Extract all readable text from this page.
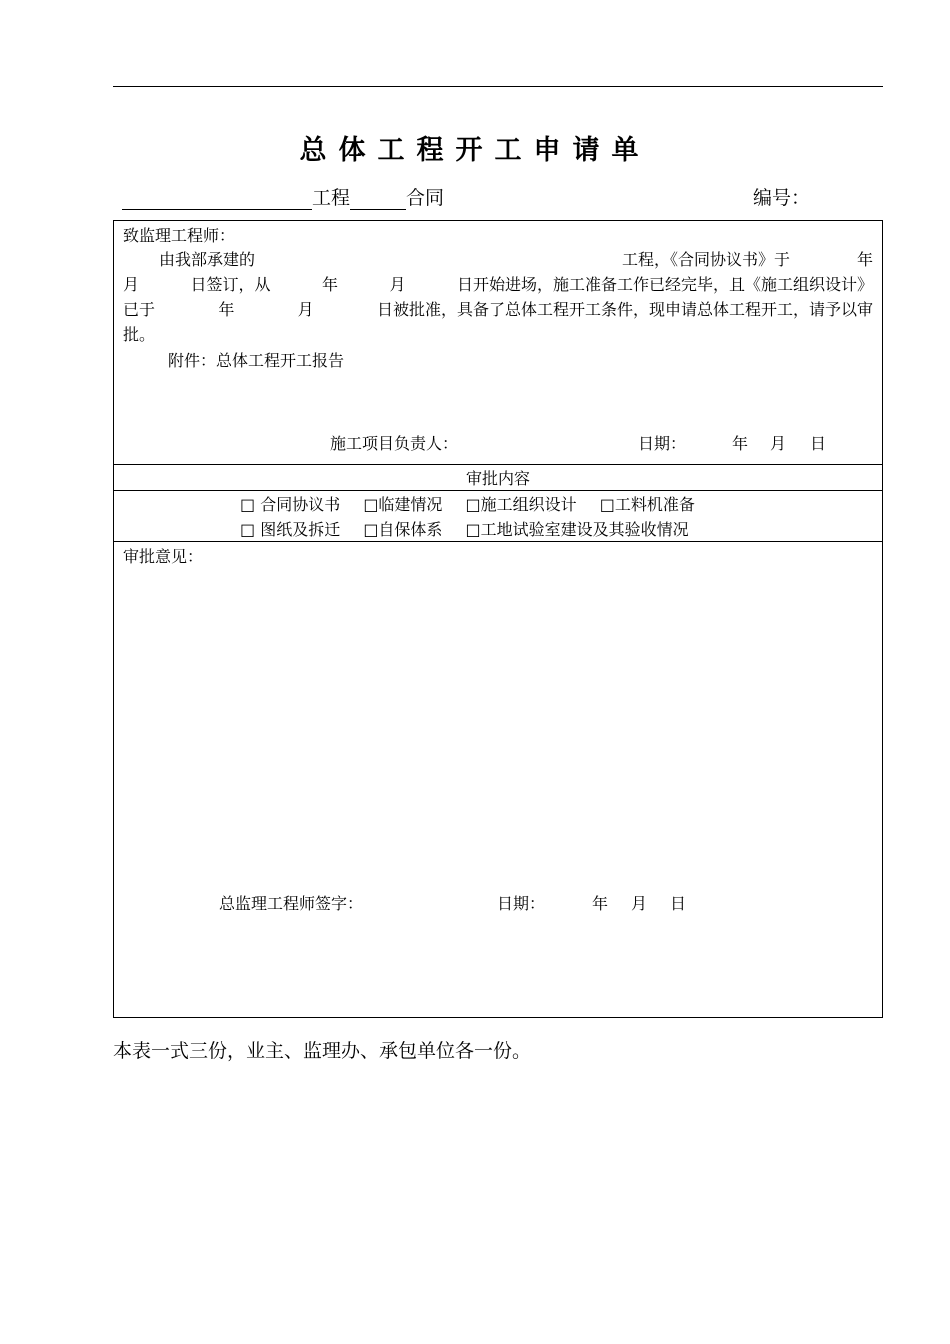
总体工程开工申请单
工程	合同	编号：
致监理工程师：
由我部承建的	工程，《合同协议书》于	年
月	日签订，从	年	月	日开始进场，施工准备工作已经完毕，且《施工组织设计》
已于	年	月	日被批准，具备了总体工程开工条件，现申请总体工程开工，请予以审
批。
附件：总体工程开工报告
施工项目负责人：	日期：	年 月 日
审批内容
□ 合同协议书 □临建情况 □施工组织设计 □工料机准备
□ 图纸及拆迁 □自保体系 □工地试验室建设及其验收情况
审批意见：
总监理工程师签字：	日期：	年 月 日
本表一式三份，业主、监理办、承包单位各一份。
